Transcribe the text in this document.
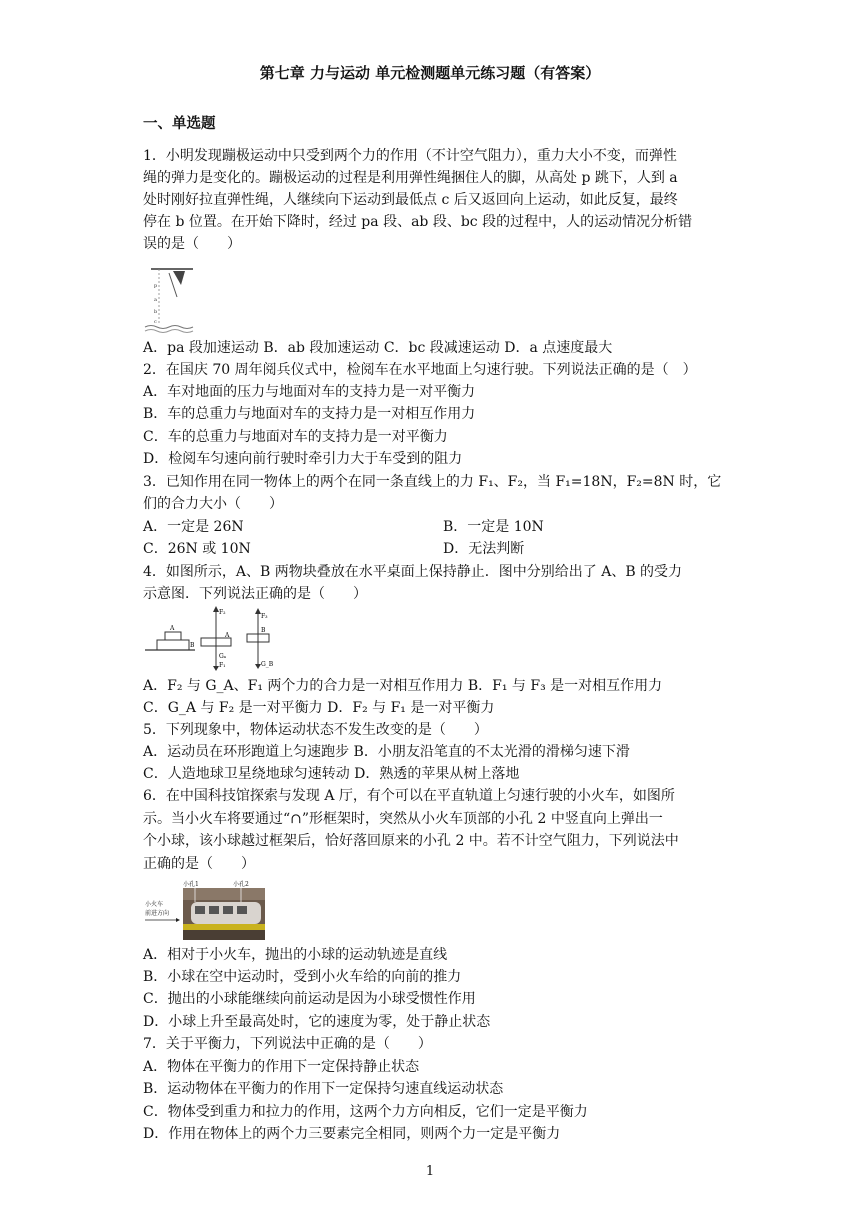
第七章 力与运动 单元检测题单元练习题（有答案）
一、单选题
1．小明发现蹦极运动中只受到两个力的作用（不计空气阻力），重力大小不变，而弹性
绳的弹力是变化的。蹦极运动的过程是利用弹性绳捆住人的脚，从高处 p 跳下，人到 a
处时刚好拉直弹性绳，人继续向下运动到最低点 c 后又返回向上运动，如此反复，最终
停在 b 位置。在开始下降时，经过 pa 段、ab 段、bc 段的过程中，人的运动情况分析错
误的是（　　）
p
a
b
c
A．pa 段加速运动 B．ab 段加速运动 C．bc 段减速运动 D．a 点速度最大
2．在国庆 70 周年阅兵仪式中，检阅车在水平地面上匀速行驶。下列说法正确的是（　）
A．车对地面的压力与地面对车的支持力是一对平衡力
B．车的总重力与地面对车的支持力是一对相互作用力
C．车的总重力与地面对车的支持力是一对平衡力
D．检阅车匀速向前行驶时牵引力大于车受到的阻力
3．已知作用在同一物体上的两个在同一条直线上的力 F₁、F₂，当 F₁=18N，F₂=8N 时，它
们的合力大小（　　）
A．一定是 26N	B．一定是 10N
C．26N 或 10N	D．无法判断
4．如图所示，A、B 两物块叠放在水平桌面上保持静止．图中分别给出了 A、B 的受力
示意图．下列说法正确的是（　　）
A
B
F₂
A
Gₐ
F₁
F₃
B
G_B
A．F₂ 与 G_A、F₁ 两个力的合力是一对相互作用力 B．F₁ 与 F₃ 是一对相互作用力
C．G_A 与 F₂ 是一对平衡力 D．F₂ 与 F₁ 是一对平衡力
5．下列现象中，物体运动状态不发生改变的是（　　）
A．运动员在环形跑道上匀速跑步 B．小朋友沿笔直的不太光滑的滑梯匀速下滑
C．人造地球卫星绕地球匀速转动 D．熟透的苹果从树上落地
6．在中国科技馆探索与发现 A 厅，有个可以在平直轨道上匀速行驶的小火车，如图所
示。当小火车将要通过“∩”形框架时，突然从小火车顶部的小孔 2 中竖直向上弹出一
个小球，该小球越过框架后，恰好落回原来的小孔 2 中。若不计空气阻力，下列说法中
正确的是（　　）
小孔1	小孔2
小火车
前进方向
A．相对于小火车，抛出的小球的运动轨迹是直线
B．小球在空中运动时，受到小火车给的向前的推力
C．抛出的小球能继续向前运动是因为小球受惯性作用
D．小球上升至最高处时，它的速度为零，处于静止状态
7．关于平衡力，下列说法中正确的是（　　）
A．物体在平衡力的作用下一定保持静止状态
B．运动物体在平衡力的作用下一定保持匀速直线运动状态
C．物体受到重力和拉力的作用，这两个力方向相反，它们一定是平衡力
D．作用在物体上的两个力三要素完全相同，则两个力一定是平衡力
1
